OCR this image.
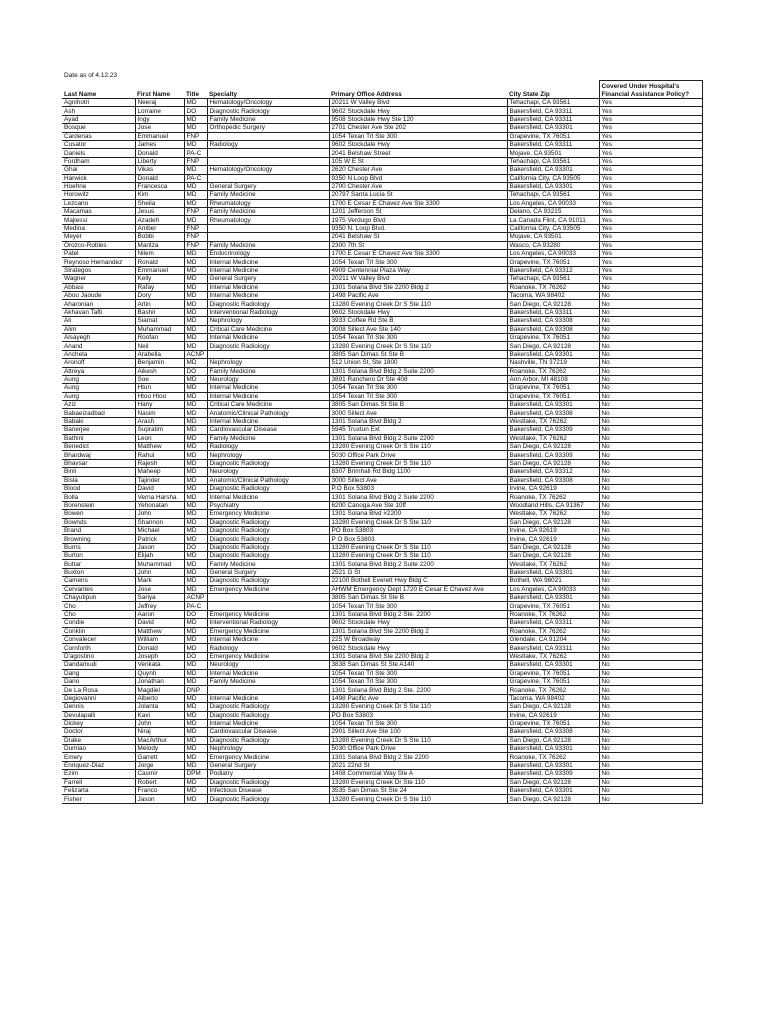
Date as of 4.12.23
Last Name	First Name	Title	Specialty	Primary Office Address	City State Zip	Covered Under Hospital's Financial Assistance Policy?
Agnihotri	Neeraj	MD	Hematology/Oncology	20211 W Valley Blvd	Tehachapi, CA 93561	Yes
Ash	Lorraine	DO	Diagnostic Radiology	9602 Stockdale Hwy	Bakersfield, CA 93311	Yes
Ayad	Ingy	MD	Family Medicine	9508 Stockdale Hwy Ste 120	Bakersfield, CA 93311	Yes
Bosque	Jose	MD	Orthopedic Surgery	2701 Chester Ave Ste 202	Bakersfield, CA 93301	Yes
Cardenas	Emmanuel	FNP		1054 Texan Trl Ste 300	Grapevine, TX 76051	Yes
Cusator	James	MD	Radiology	9602 Stockdale Hwy	Bakersfield, CA 93311	Yes
Daniels	Donald	PA-C		2041 Belshaw Street	Mojave, CA 93501	Yes
Fordham	Liberty	FNP		105 W E St	Tehachapi, CA 93561	Yes
Ghai	Vikas	MD	Hematology/Oncology	2620 Chester Ave	Bakersfield, CA 93301	Yes
Harwick	Donald	PA-C		9350 N Loop Blvd	California City, CA 93505	Yes
Hoehne	Francesca	MD	General Surgery	2700 Chester Ave	Bakersfield, CA 93301	Yes
Horowitz	Kim	MD	Family Medicine	20797 Santa Lucia St	Tehachapi, CA 93561	Yes
Lezcano	Sheila	MD	Rheumatology	1700 E Cesar E Chavez Ave Ste 3300	Los Angeles, CA 90033	Yes
Macamas	Jesus	FNP	Family Medicine	1201 Jefferson St	Delano, CA 93215	Yes
Majlessi	Azadeh	MD	Rheumatology	1975 Verdugo Blvd	La Canada Flint, CA 91011	Yes
Medina	Amber	FNP		9350 N. Loop Blvd.	California City, CA 93505	Yes
Meyer	Bobbi	FNP		2041 Belshaw St	Mojave, CA 93501	Yes
Orozco-Robles	Maritza	FNP	Family Medicine	2300 7th St	Wasco, CA 93280	Yes
Patel	Nilem	MD	Endocrinology	1700 E Cesar E Chavez Ave Ste 3300	Los Angeles, CA 90033	Yes
Reynoso Hernandez	Ronald	MD	Internal Medicine	1054 Texan Trl Ste 300	Grapevine, TX 76051	Yes
Strategos	Emmanuel	MD	Internal Medicine	4909 Centennial Plaza Way	Bakersfield, CA 93312	Yes
Wagner	Kelly	MD	General Surgery	20211 W Valley Blvd	Tehachapi, CA 93561	Yes
Abbasi	Rafay	MD	Internal Medicine	1301 Solana Blvd Ste 2200 Bldg 2	Roanoke, TX 76262	No
Abou Jaoude	Dory	MD	Internal Medicine	1498 Pacific Ave	Tacoma, WA 98402	No
Aharonian	Artin	MD	Diagnostic Radiology	13280 Evening Creek Dr S Ste 110	San Diego, CA 92128	No
Akhavan Tafti	Bashir	MD	Interventional Radiology	9602 Stockdale Hwy	Bakersfield, CA 93311	No
Ali	Siamat	MD	Nephrology	3933 Coffee Rd Ste B	Bakersfield, CA 93308	No
Alim	Muhammad	MD	Critical Care Medicine	3008 Sillect Ave Ste 140	Bakersfield, CA 93308	No
Alsayegh	Roofan	MD	Internal Medicine	1054 Texan Trl Ste 300	Grapevine, TX 76051	No
Anand	Neil	MD	Diagnostic Radiology	13280 Evening Creek Dr S Ste 110	San Diego, CA 92128	No
Ancheta	Arabella	ACNP		3805 San Dimas St Ste B	Bakersfield, CA 93301	No
Aronoff	Benjamin	MD	Nephrology	512 Union St, Ste 1800	Nashville, TN 37219	No
Attreya	Aikesh	DO	Family Medicine	1301 Solana Blvd Bldg 2 Suite 2200	Roanoke, TX 76262	No
Aung	Soe	MD	Neurology	3891 Ranchero Dr Ste 408	Ann Arbor, MI 48108	No
Aung	Htun	MD	Internal Medicine	1054 Texan Trl Ste 300	Grapevine, TX 76051	No
Aung	Htoo Htoo	MD	Internal Medicine	1054 Texan Trl Ste 300	Grapevine, TX 76051	No
Aziz	Hany	MD	Critical Care Medicine	3805 San Dimas St Ste B	Bakersfield, CA 93301	No
Babaeizadbad	Nasim	MD	Anatomic/Clinical Pathology	3000 Sillect Ave	Bakersfield, CA 93308	No
Babaki	Arash	MD	Internal Medicine	1301 Solana Blvd Bldg 2	Westlake, TX 76262	No
Banerjee	Supratim	MD	Cardiovascular Disease	5945 Truxtun Ext	Bakersfield, CA 93309	No
Bathini	Leon	MD	Family Medicine	1301 Solana Blvd Bldg 2 Suite 2200	Westlake, TX 76262	No
Benedict	Matthew	MD	Radiology	13280 Evening Creek Dr S Ste 110	San Diego, CA 92128	No
Bhardwaj	Rahul	MD	Nephrology	5030 Office Park Drive	Bakersfield, CA 93309	No
Bhavsar	Rajesh	MD	Diagnostic Radiology	13280 Evening Creek Dr S Ste 110	San Diego, CA 92128	No
Binli	Maheep	MD	Neurology	8307 Brimhall Rd Bldg 1100	Bakersfield, CA 93312	No
Bisla	Tajinder	MD	Anatomic/Clinical Pathology	3000 Sillect Ave	Bakersfield, CA 93308	No
Blood	David	MD	Diagnostic Radiology	P.O Box 53803	Irvine, CA 92619	No
Bolla	Verna Harsha	MD	Internal Medicine	1301 Solana Blvd Bldg 2 Suite 2200	Roanoke, TX 76262	No
Borenstein	Yehonatan	MD	Psychiatry	6200 Canoga Ave Ste 10ff	Woodland Hills, CA 91367	No
Bowen	John	MD	Emergency Medicine	1301 Solana Blvd #2200	Westlake, TX 76262	No
Bownds	Shannon	MD	Diagnostic Radiology	13280 Evening Creek Dr S Ste 110	San Diego, CA 92128	No
Brand	Michael	MD	Diagnostic Radiology	PO Box 53803	Irvine, CA 92619	No
Browning	Patrick	MD	Diagnostic Radiology	P O Box 53803	Irvine, CA 92619	No
Burns	Jason	DO	Diagnostic Radiology	13280 Evening Creek Dr S Ste 110	San Diego, CA 92128	No
Burton	Elijah	MD	Diagnostic Radiology	13280 Evening Creek Dr S Ste 110	San Diego, CA 92128	No
Buttar	Muhammad	MD	Family Medicine	1301 Solana Blvd Bldg 2 Suite 2200	Westlake, TX 76262	No
Buxton	John	MD	General Surgery	2521 G St	Bakersfield, CA 93301	No
Camens	Mark	MD	Diagnostic Radiology	22100 Bothell Everett Hwy Bldg C	Bothell, WA 98021	No
Cervantes	Jose	MD	Emergency Medicine	AHWM Emergency Dept 1720 E Cesar E Chavez Ave	Los Angeles, CA 90033	No
Chayutipun	Sariya	ACNP		3805 San Dimas St Ste B	Bakersfield, CA 93301	No
Cho	Jeffrey	PA-C		1054 Texan Trl Ste 300	Grapevine, TX 76051	No
Cho	Aaron	DO	Emergency Medicine	1301 Solana Blvd Bldg 2 Ste. 2200	Roanoke, TX 76262	No
Condie	David	MD	Interventional Radiology	9602 Stockdale Hwy	Bakersfield, CA 93311	No
Conklin	Matthew	MD	Emergency Medicine	1301 Solana Blvd Ste 2200 Bldg 2	Roanoke, TX 76262	No
Convalecer	William	MD	Internal Medicine	225 W Broadway	Glendale, CA 91204	No
Cornforth	Donald	MD	Radiology	9602 Stockdale Hwy	Bakersfield, CA 93311	No
D'agostino	Joseph	DO	Emergency Medicine	1301 Solana Blvd Ste 2200 Bldg 2	Westlake, TX 76262	No
Dandamudi	Venkata	MD	Neurology	3838 San Dimas St Ste A140	Bakersfield, CA 93301	No
Dang	Quynh	MD	Internal Medicine	1054 Texan Trl Ste 300	Grapevine, TX 76051	No
Dario	Jonathan	MD	Family Medicine	1054 Texan Trl Ste 300	Grapevine, TX 76051	No
De La Rosa	Magdiel	DNP		1301 Solana Blvd Bldg 2 Ste. 2200	Roanoke, TX 76262	No
Degiovanni	Alberto	MD	Internal Medicine	1498 Pacific Ave	Tacoma, WA 98402	No
Dennis	Jolanta	MD	Diagnostic Radiology	13280 Evening Creek Dr S Ste 110	San Diego, CA 92128	No
Devulapalli	Kavi	MD	Diagnostic Radiology	PO Box 53803	Irvine, CA 92619	No
Dickey	John	MD	Internal Medicine	1054 Texan Trl Ste 300	Grapevine, TX 76051	No
Doctor	Niraj	MD	Cardiovascular Disease	2901 Sillect Ave Ste 100	Bakersfield, CA 93308	No
Drake	MacArthur	MD	Diagnostic Radiology	13280 Evening Creek Dr S Ste 110	San Diego, CA 92128	No
Dumlao	Melody	MD	Nephrology	5030 Office Park Drive	Bakersfield, CA 93301	No
Emery	Garrett	MD	Emergency Medicine	1301 Solana Blvd Bldg 2 Ste 2200	Roanoke, TX 76262	No
Enriquez-Diaz	Jorge	MD	General Surgery	2021 22nd St	Bakersfield, CA 93301	No
Ezim	Casmir	DPM	Podiatry	1408 Commercial Way Ste A	Bakersfield, CA 93309	No
Farrell	Robert	MD	Diagnostic Radiology	13280 Evening Creek Dr Ste 110	San Diego, CA 92128	No
Felizarta	Franco	MD	Infectious Disease	3535 San Dimas St Ste 24	Bakersfield, CA 93301	No
Fisher	Jason	MD	Diagnostic Radiology	13280 Evening Creek Dr S Ste 110	San Diego, CA 92128	No
